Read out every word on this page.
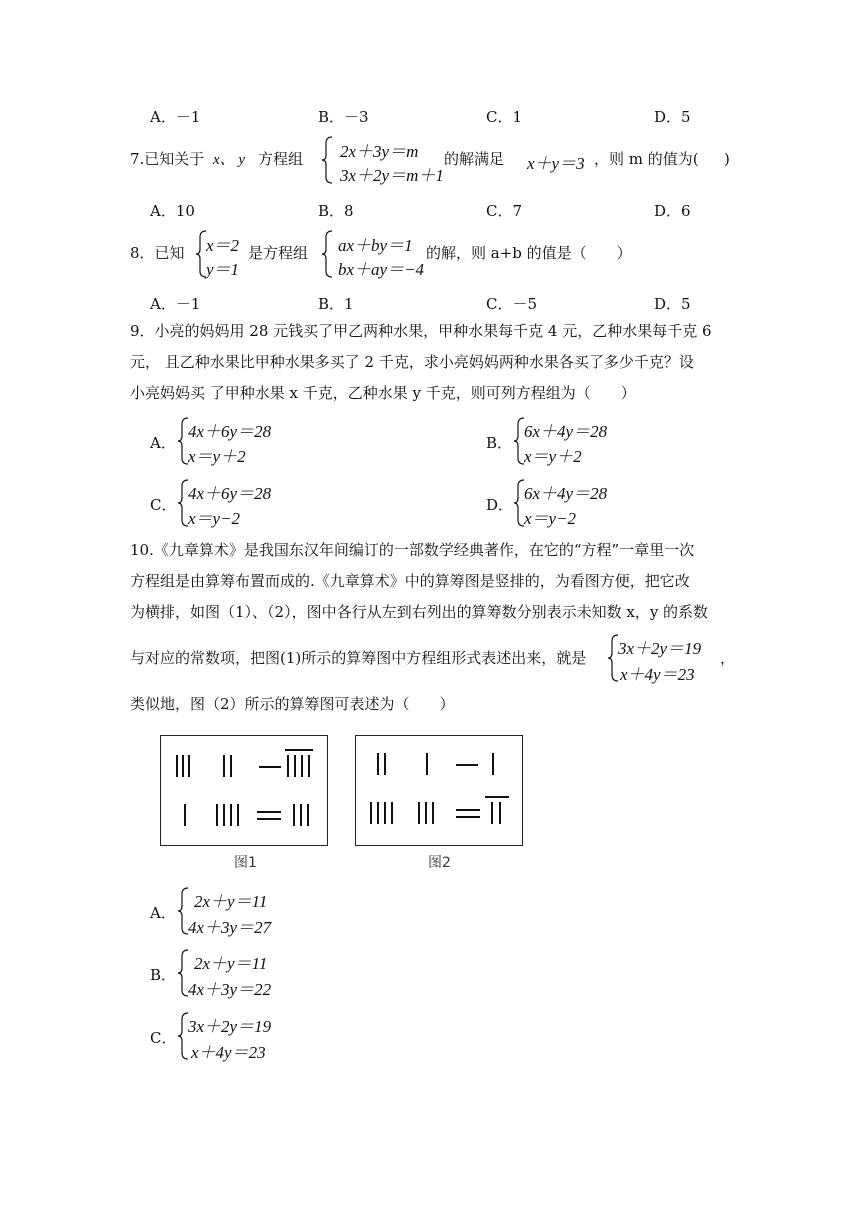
A．－1	B．－3	C．1	D．5
7.已知关于 x、 y 方程组 2x＋3y＝m
3x＋2y＝m＋1
的解满足 x＋y＝3 ，则 m 的值为( )
A．10	B．8	C．7	D．6
8．已知 x＝2
y＝1
是方程组 ax＋by＝1
bx＋ay＝−4
的解，则 a+b 的值是（　　）
A．－1	B．1	C．－5	D．5
9．小亮的妈妈用 28 元钱买了甲乙两种水果，甲种水果每千克 4 元，乙种水果每千克 6
元， 且乙种水果比甲种水果多买了 2 千克，求小亮妈妈两种水果各买了多少千克？设
小亮妈妈买 了甲种水果 x 千克，乙种水果 y 千克，则可列方程组为（　　）
A．
4x＋6y＝28
x＝y＋2
B．
6x＋4y＝28
x＝y＋2
C．
4x＋6y＝28
x＝y−2
D．
6x＋4y＝28
x＝y−2
10.《九章算术》是我国东汉年间编订的一部数学经典著作，在它的“方程”一章里一次
方程组是由算筹布置而成的.《九章算术》中的算筹图是竖排的，为看图方便，把它改
为横排，如图（1）、（2），图中各行从左到右列出的算筹数分别表示未知数 x，y 的系数
与对应的常数项，把图(1)所示的算筹图中方程组形式表述出来，就是 3x＋2y＝19
x＋4y＝23
，
类似地，图（2）所示的算筹图可表述为（　　）
图1	图2
A．
2x＋y＝11
4x＋3y＝27
B．
2x＋y＝11
4x＋3y＝22
C．
3x＋2y＝19
x＋4y＝23
